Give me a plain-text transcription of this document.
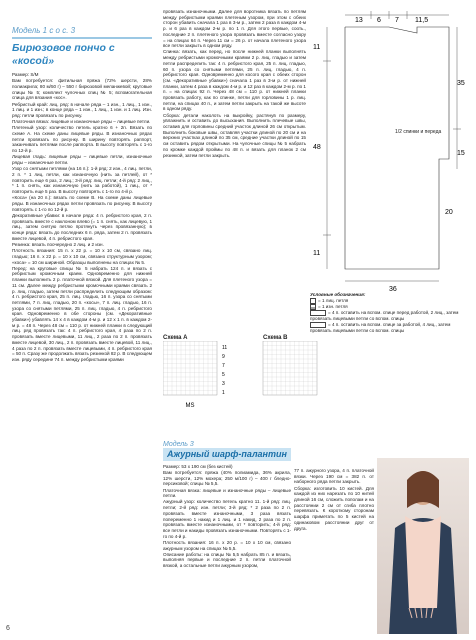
Модель 1 с о с. 3
Бирюзовое пончо с «косой»

Размер: S/M

Вам потребуется: фитильная пряжа (72% шерсти, 28% полиакрила; 80 м/50 г) – 550 г бирюзовой меланжевой; круговые спицы № 5; комплект чулочных спиц № 5; вспомогательная спица для вязания «кос».

Ребристый край: лиц. ряд: в начале ряда – 1 изн., 1 лиц., 1 изн., 1 лиц. и 1 изн.; в конце ряда – 1 изн., 1 лиц., 1 изн. и 1 лиц. Изн. ряд: петли провязать по рисунку.

Платочная вязка: лицевые и изнаночные ряды – лицевые петли.

Плетеный узор: количество петель кратно 6 + 2п. Вязать по схеме А. На схеме даны лицевые ряды. В изнаночных рядах петли провязать по рисунку. В ширину повторять раппорт, заканчивать петлями после раппорта. В высоту повторять с 1-го по 12-й р.

Лицевая гладь: лицевые ряды – лицевые петли, изнаночные ряды – изнаночные петли.

Узор со снятыми петлями (на 16 п.): 1-й ряд: 2 изн., 4 лиц. петли, 2 п. * 1 лиц. петли, как изнаночную (нить за петлей), от * повторить еще 6 раз, 2 лиц.; 3-й ряд: лиц. петли; 4-й ряд: 2 лиц., * 1 п. снять, как изнаночную (нить за работой), 1 лиц., от * повторить еще 5 раз. В высоту повторять с 1-го по 4-й р.

«Коса» (на 20 п.): вязать по схеме В. На схеме даны лицевые ряды. В изнаночных рядах петли провязать по рисунку. В высоту повторять с 1-го по 12-й р.

Декоративные убавки: в начале ряда: 4 п. ребристого края, 2 п. провязать вместе с наклоном влево (= 1 п. снять, как лицевую, 1 лиц., затем снятую петлю протянуть через провязанную); в конце ряда: вязать до последних 6 п. ряда, затем 2 п. провязать вместе лицевой, 4 п. ребристого края.

Резинка: вязать поочередно 2 лиц. и 2 изн.

Плотность вязания: 15 п. х 22 р. = 10 х 10 см, связано лиц. гладью; 16 п. х 22 р. = 10 х 10 см, связано структурным узором; «коса» = 10 см шириной. Образцы выполнены на спицах № 5.

Перед: на круговые спицы № 5 набрать 124 п. и вязать с ребристым кромочным краем. Одновременно для нижней планки выполнить 2 р. платочной вязкой. Для плетеного узора = 11 см. Далее между ребристыми кромочными краями связать 2 р. лиц. гладью, затем петли распределить следующим образом: 4 п. ребристого края, 25 п. лиц. гладью, 16 п. узора со снятыми петлями, 7 п. лиц. гладью, 20 п. «косы», 7 п. лиц. гладью, 16 п. узора со снятыми петлями, 25 п. лиц. гладью, 4 п. ребристого края. Одновременно в обе стороны (см. «Декоративные убавки») убавлять 14 х 4 в каждом 4-м р. и 12 х 1 п. в каждом 2-м р. = 48 п. Через 48 см = 110 р. от нижней планки в следующий лиц. ряд провязать так: 4 п. ребристого края, 4 раза по 2 п. провязать вместе лицевыми, 11 лиц., 2 раза по 2 п. провязать вместе лицевой, 30 лиц., 2 п. провязать вместе лицевой, 11 лиц., 4 раза по 2 п. провязать вместе лицевыми, 4 п. ребристого края = 50 п. Сразу же продолжать вязать резинкой 82 р. В следующем изн. ряду середине 74 п. между ребристыми краями

провязать изнаночными. Далее для воротника вязать по петлям между ребристыми краями плетеным узором, при этом с обеих сторон убавить сначала 1 раз в 3-м р., затем 2 раза в каждом 4-м р. и 6 раз в каждом 2-м р. по 1 п. Для этого первые, сооть., последние 2 п. плетеного узора провязать вместе согласно узору = на спицах 64 п. Через 11 см = 26 р. от начала плетеного узора все петли закрыть в одном ряду.

Спинка: вязать, как перед, но после нижней планки выполнять между ребристыми кромочными краями 2 р. лиц. гладью и затем петли распределить так: 4 п. ребристого края, 25 п. лиц. гладью, 60 п. узора со снятыми петлями, 25 п. лиц. гладью, 4 п. ребристого края. Одновременно для косого края с обеих сторон (см. «Декоративные убавки») сначала 1 раз в 3-м р. от нижней планки, затем 4 раза в каждом 4-м р. и 12 раз в каждом 2-м р. по 1 п. = на спицах 92 п. Через 48 см = 110 р. от нижней планки провязать работу, как по спинке, петли для горловины 1 р. лиц. петли, на спицах 40 п., и затем петли закрыть на такой же высоте в одном ряду.

Сборка: детали наколоть на выкройку, растянув по размеру, увлажнить и оставить до высыхания. Выполнить плечевые швы, оставив для горловины средний участок длиной 26 см открытым. Выполнить боковые швы, оставляя участки длиной по 20 см и на верхних участках длиной по 35 см, средние участки длиной по 15 см оставить рядом открытыми. На чулочные спицы № 5 набрать по кромке каждой проймы по 48 п. и вязать для планок 2 см резинкой, затем петли закрыть.

Модель 3
Ажурный шарф-палантин

Размер: 53 х 190 см (без кистей)

Вам потребуется: пряжа (40% полиамида, 36% акрила, 12% шерсти, 12% мохера; 250 м/100 г) – 400 г бледно-персиковой; спицы № 5,5.

Платочная вязка: лицевые и изнаночные ряды – лицевые петли.

Ажурный узор: количество петель кратно 11. 1-й ряд: лиц. петли; 2-й ряд: изн. петли; 3-й ряд: * 2 раза по 2 п. провязать вместе изнаночными, 3 раза вязать попеременно 1 накид и 1 лиц. и 1 накид, 2 раза по 2 п. провязать вместе изнаночными, от * повторить; 4-й ряд: все петли и накиды провязать изнаночными. Повторять с 1-го по 4-й р.

Плотность вязания: 16 п. х 20 р. = 10 х 10 см, связано ажурным узором на спицах № 5,5.

Описание работы: на спицы № 5,5 набрать 85 п. и вязать, выполняя первые и последние 2 п. петли платочной вязкой, а остальные петли ажурным узором,

77 п. ажурного узора, 4 п. платочной вязки. Через 190 см = 382 п. от наборного ряда петли закрыть.

Сборка: изготовить 10 кистей. Для каждой из них нарезать по 10 нитей длиной 16 см, сложить пополам и на расстоянии 2 см от сгиба плотно перевязать. К короткому сторонам шарфа приметать по 5 кистей на одинаковом расстоянии друг от друга.

13 6 7 11,5
11
48
11
35
15
20
36
1/2 спинки и переда
Условные обозначения:
= 1 лиц. петля
= 1 изн. петля
= 4 п. оставить на вспом. спице перед работой, 2 лиц., затем провязать лицевыми петли со вспом. спицы
= 4 п. оставить на вспом. спице за работой, 4 лиц., затем провязать лицевыми петли со вспом. спицы
Схема А	Схема В
MS
11
9
7
5
3
1
6
